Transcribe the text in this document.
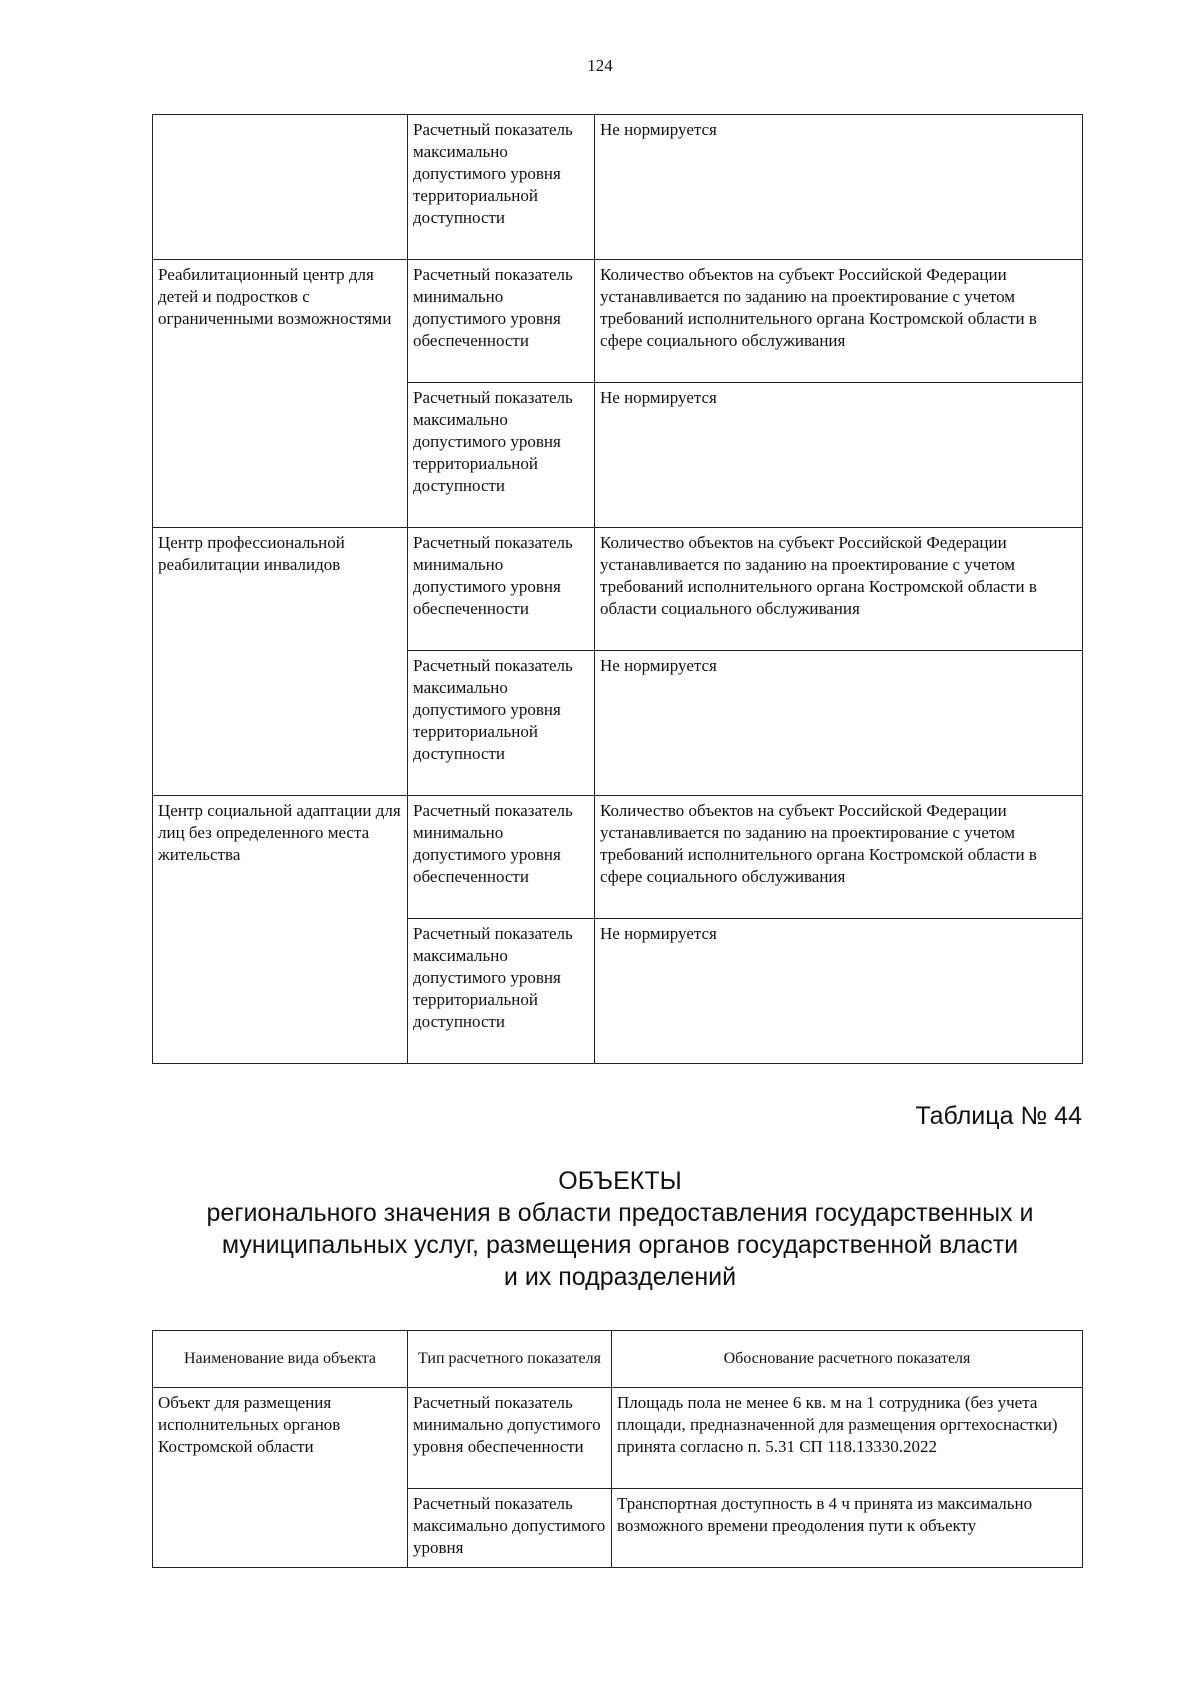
124
	Расчетный показатель максимально допустимого уровня территориальной доступности	Не нормируется
Реабилитационный центр для детей и подростков с ограниченными возможностями	Расчетный показатель минимально допустимого уровня обеспеченности	Количество объектов на субъект Российской Федерации устанавливается по заданию на проектирование с учетом требований исполнительного органа Костромской области в сфере социального обслуживания
	Расчетный показатель максимально допустимого уровня территориальной доступности	Не нормируется
Центр профессиональной реабилитации инвалидов	Расчетный показатель минимально допустимого уровня обеспеченности	Количество объектов на субъект Российской Федерации устанавливается по заданию на проектирование с учетом требований исполнительного органа Костромской области в области социального обслуживания
	Расчетный показатель максимально допустимого уровня территориальной доступности	Не нормируется
Центр социальной адаптации для лиц без определенного места жительства	Расчетный показатель минимально допустимого уровня обеспеченности	Количество объектов на субъект Российской Федерации устанавливается по заданию на проектирование с учетом требований исполнительного органа Костромской области в сфере социального обслуживания
	Расчетный показатель максимально допустимого уровня территориальной доступности	Не нормируется
Таблица № 44
ОБЪЕКТЫ
регионального значения в области предоставления государственных и
муниципальных услуг, размещения органов государственной власти
и их подразделений
Наименование вида объекта	Тип расчетного показателя	Обоснование расчетного показателя
Объект для размещения исполнительных органов Костромской области	Расчетный показатель минимально допустимого уровня обеспеченности	Площадь пола не менее 6 кв. м на 1 сотрудника (без учета площади, предназначенной для размещения оргтехоснастки) принята согласно п. 5.31 СП 118.13330.2022
	Расчетный показатель максимально допустимого уровня	Транспортная доступность в 4 ч принята из максимально возможного времени преодоления пути к объекту
